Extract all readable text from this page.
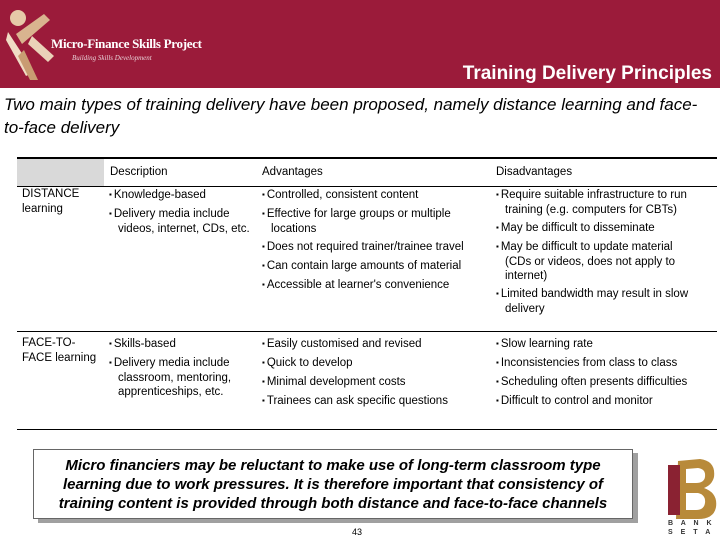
Micro-Finance Skills Project
Building Skills Development
Training Delivery Principles
Two main types of training delivery have been proposed, namely distance learning and face-to-face delivery
Description	Advantages	Disadvantages
DISTANCE learning
▪ Knowledge-based
▪ Delivery media include videos, internet, CDs, etc.
▪ Controlled, consistent content
▪ Effective for large groups or multiple locations
▪ Does not required trainer/trainee travel
▪ Can contain large amounts of material
▪ Accessible at learner's convenience
▪ Require suitable infrastructure to run training (e.g. computers for CBTs)
▪ May be difficult to disseminate
▪ May be difficult to update material (CDs or videos, does not apply to internet)
▪ Limited bandwidth may result in slow delivery
FACE-TO-FACE learning
▪ Skills-based
▪ Delivery media include classroom, mentoring, apprenticeships, etc.
▪ Easily customised and revised
▪ Quick to develop
▪ Minimal development costs
▪ Trainees can ask specific questions
▪ Slow learning rate
▪ Inconsistencies from class to class
▪ Scheduling often presents difficulties
▪ Difficult to control and monitor
Micro financiers may be reluctant to make use of long-term classroom type learning due to work pressures. It is therefore important that consistency of training content is provided through both distance and face-to-face channels
43
B A N K
S E T A
